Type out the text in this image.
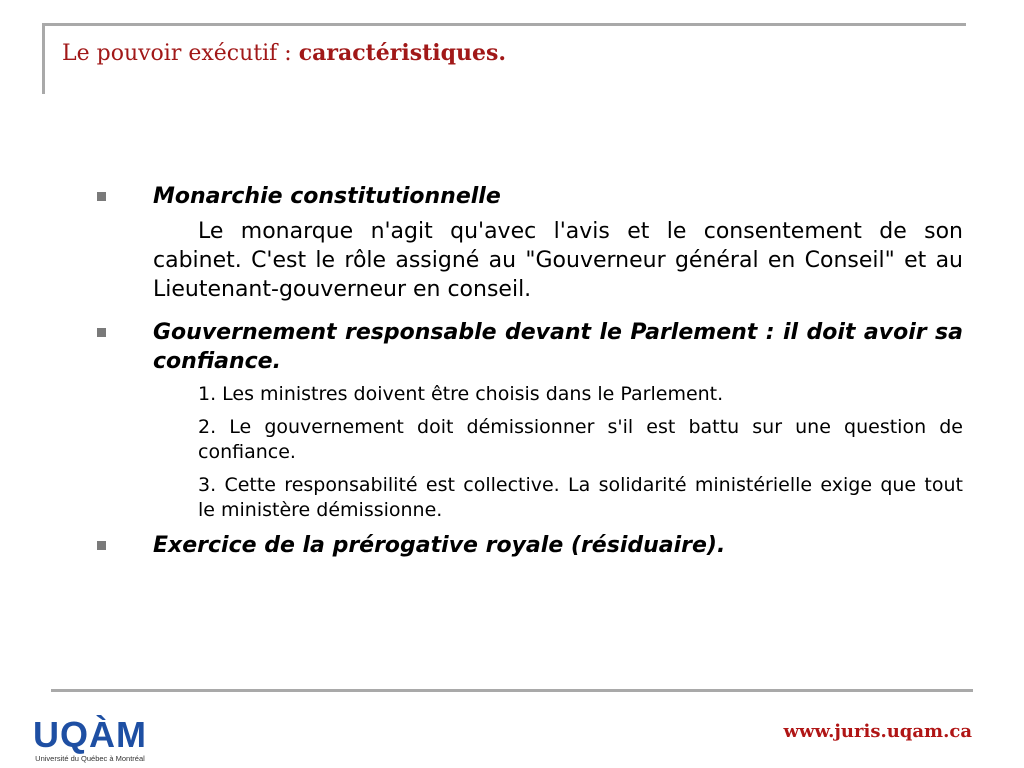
Le pouvoir exécutif : caractéristiques.
Monarchie constitutionnelle
Le monarque n'agit qu'avec l'avis et le consentement de son cabinet. C'est le rôle assigné au "Gouverneur général en Conseil" et au Lieutenant-gouverneur en conseil.
Gouvernement responsable devant le Parlement : il doit avoir sa confiance.
1. Les ministres doivent être choisis dans le Parlement.
2. Le gouvernement doit démissionner s'il est battu sur une question de confiance.
3. Cette responsabilité est collective. La solidarité ministérielle exige que tout le ministère démissionne.
Exercice de la prérogative royale (résiduaire).
UQÀM
Université du Québec à Montréal
www.juris.uqam.ca
